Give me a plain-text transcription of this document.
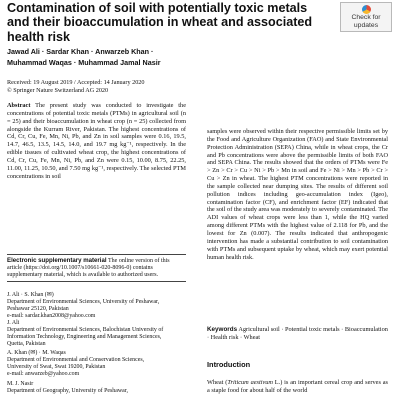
Contamination of soil with potentially toxic metals and their bioaccumulation in wheat and associated health risk
Check for
updates
Jawad Ali · Sardar Khan · Anwarzeb Khan ·
Muhammad Waqas · Muhammad Jamal Nasir
Received: 19 August 2019 / Accepted: 14 January 2020
© Springer Nature Switzerland AG 2020

Abstract The present study was conducted to investigate the concentrations of potential toxic metals (PTMs) in agricultural soil (n = 25) and their bioaccumulation in wheat crop (n = 25) collected from alongside the Kurram River, Pakistan. The highest concentrations of Cd, Cr, Cu, Fe, Mn, Ni, Pb, and Zn in soil samples were 0.16, 19.5, 14.7, 46.5, 13.5, 14.5, 14.0, and 19.7 mg kg⁻¹, respectively. In the edible tissues of cultivated wheat crop, the highest concentrations of Cd, Cr, Cu, Fe, Mn, Ni, Pb, and Zn were 0.15, 10.00, 8.75, 22.25, 11.00, 11.25, 10.50, and 7.50 mg kg⁻¹, respectively. The selected PTM concentrations in soil

Electronic supplementary material The online version of this article (https://doi.org/10.1007/s10661-020-8096-0) contains supplementary material, which is available to authorized users.
J. Ali · S. Khan (✉)
Department of Environmental Sciences, University of Peshawar,
Peshawar 25120, Pakistan
e-mail: sardar.khan2008@yahoo.com
J. Ali
Department of Environmental Sciences, Balochistan University of
Information Technology, Engineering and Management Sciences,
Quetta, Pakistan
A. Khan (✉) · M. Waqas
Department of Environmental and Conservation Sciences,
University of Swat, Swat 19200, Pakistan
e-mail: anwarzeb@yahoo.com
M. J. Nasir
Department of Geography, University of Peshawar,

samples were observed within their respective permissible limits set by the Food and Agriculture Organization (FAO) and State Environmental Protection Administration (SEPA) China, while in wheat crops, the Cr and Pb concentrations were above the permissible limits of both FAO and SEPA China. The results showed that the orders of PTMs were Fe > Zn > Cr > Cu > Ni > Pb > Mn in soil and Fe > Ni > Mn > Pb > Cr > Cu > Zn in wheat. The highest PTM concentrations were reported in the sample collected near dumping sites. The results of different soil pollution indices including geo-accumulation index (Igeo), contamination factor (CF), and enrichment factor (EF) indicated that the soil of the study area was moderately to severely contaminated. The ADI values of wheat crops were less than 1, while the HQ varied among different PTMs with the highest value of 2.118 for Pb, and the lowest for Zn (0.007). The results indicated that anthropogenic intervention has made a substantial contribution to soil contamination with PTMs and subsequent uptake by wheat, which may exert potential human health risk.

Keywords Agricultural soil · Potential toxic metals · Bioaccumulation · Health risk · Wheat
Introduction
Wheat (Triticum aestivum L.) is an important cereal crop and serves as a staple food for about half of the world
